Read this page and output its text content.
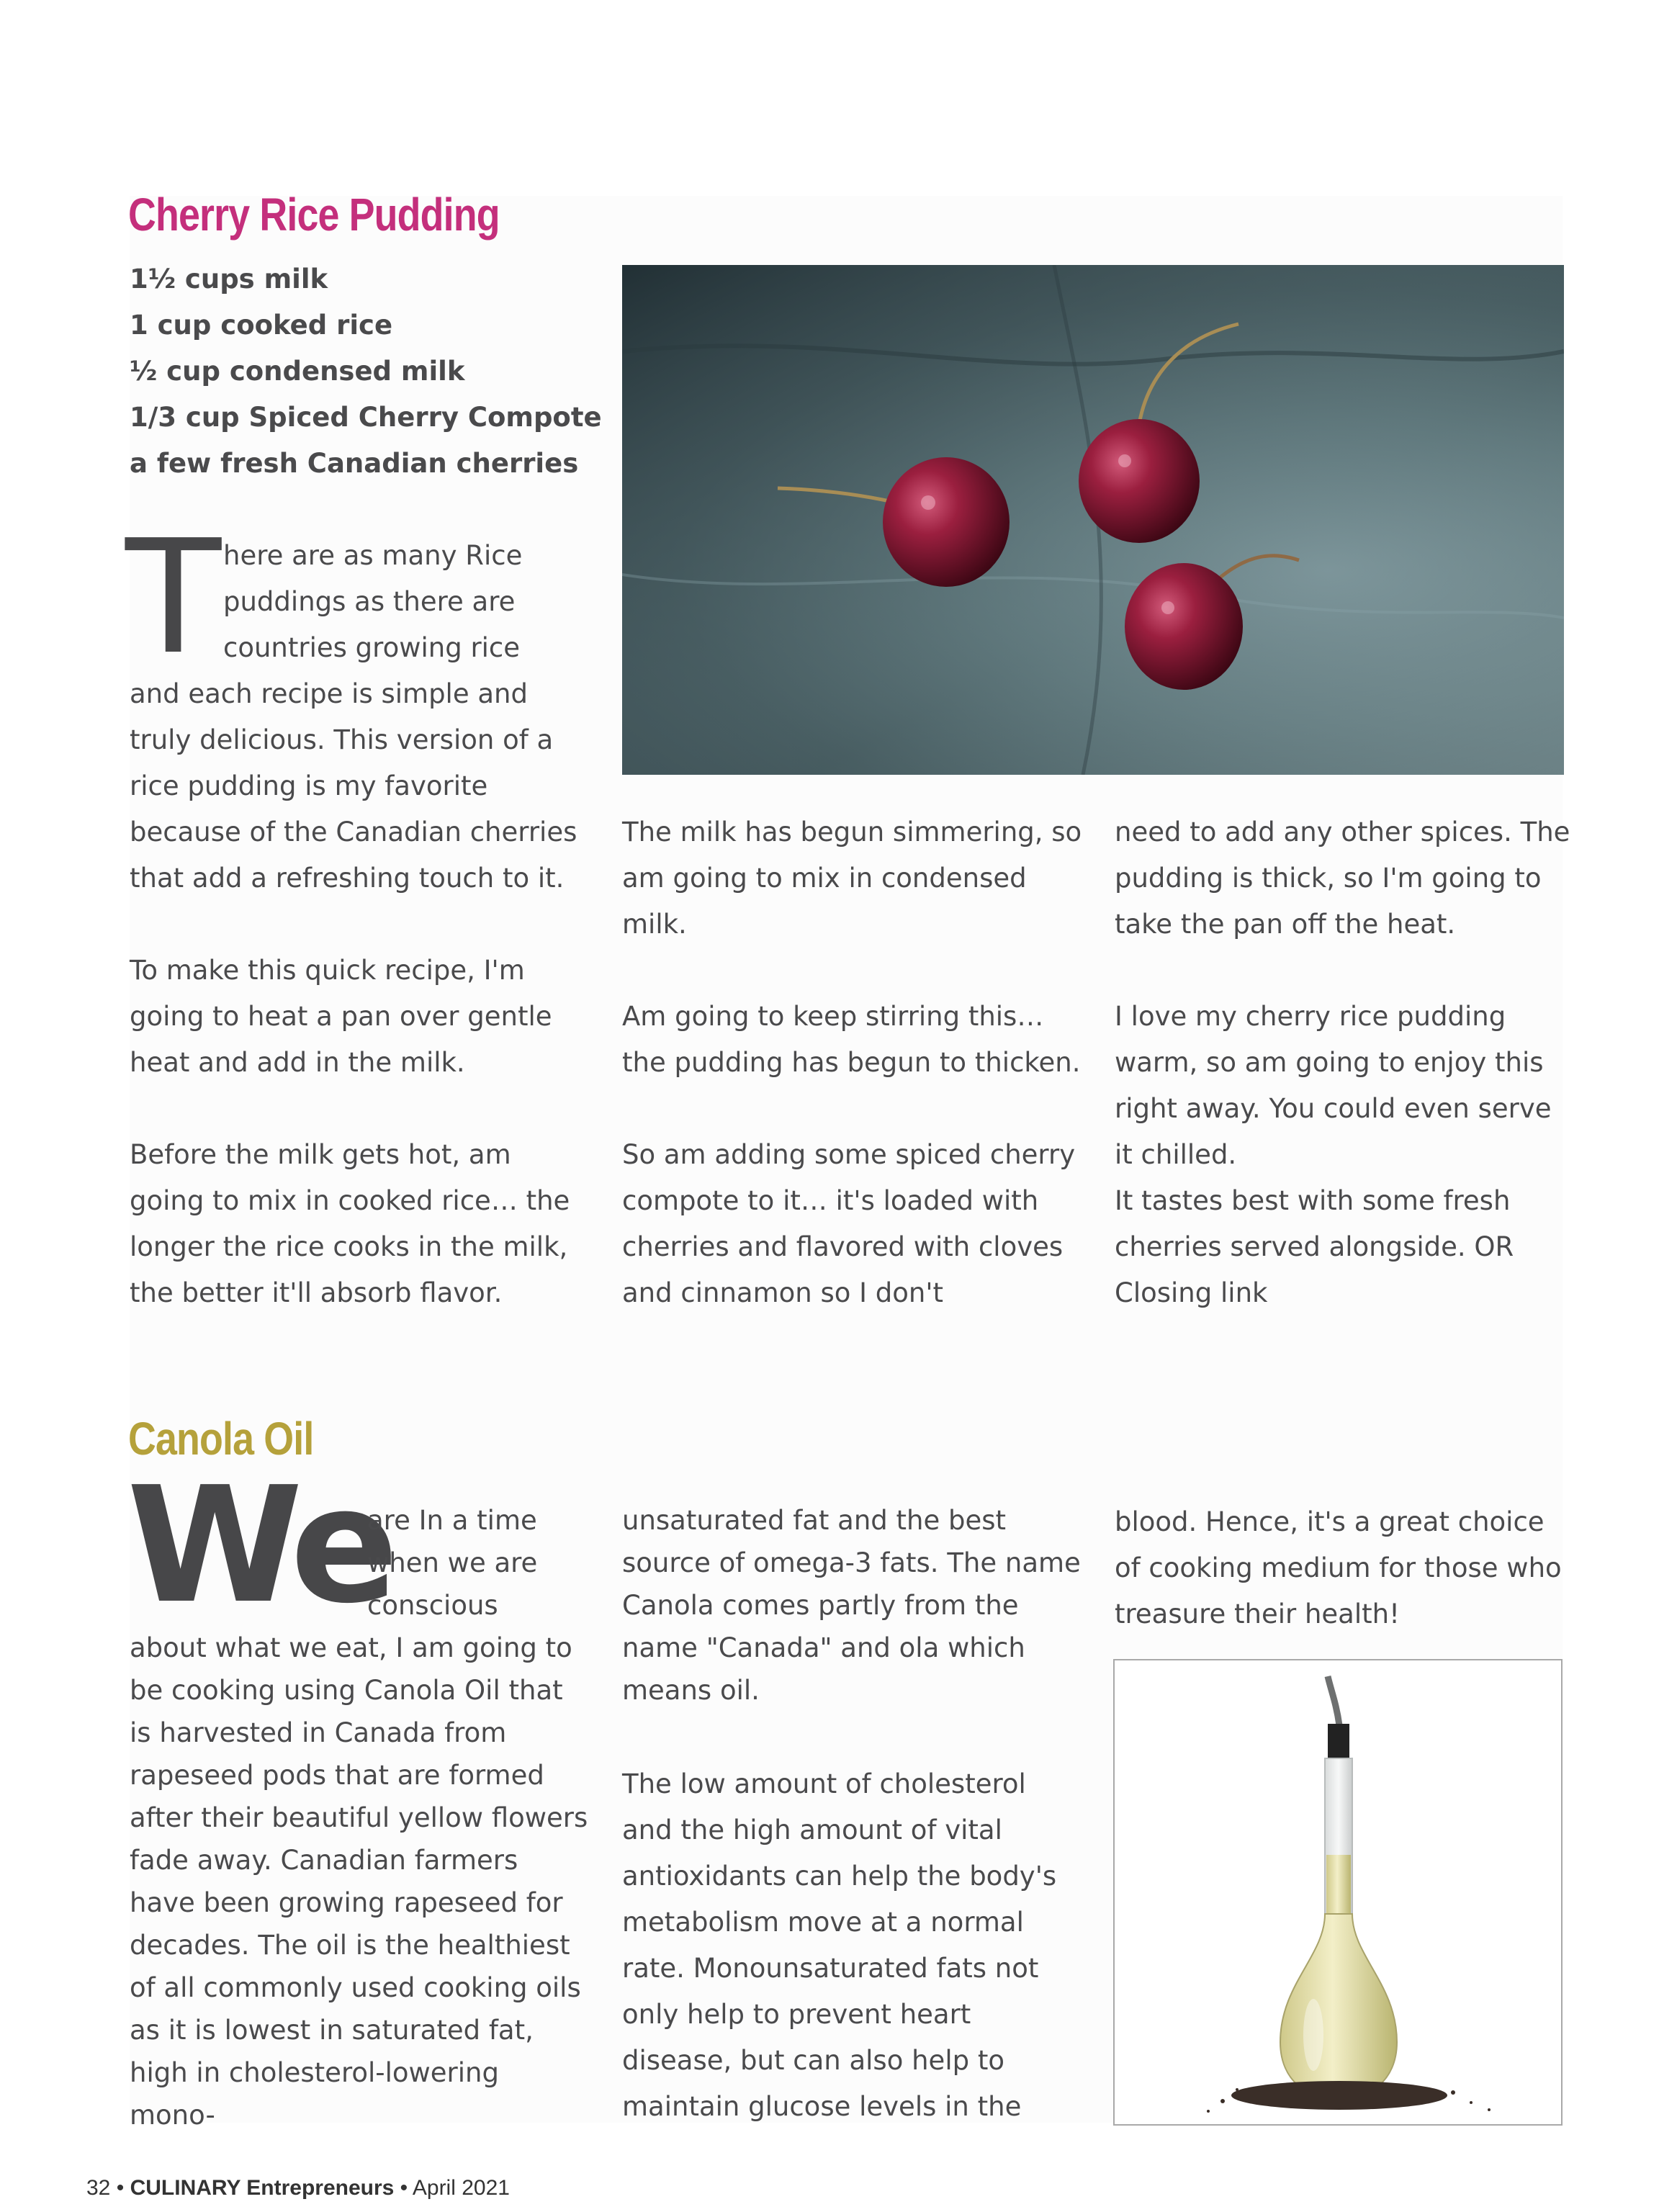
Cherry Rice Pudding
1½ cups milk
1 cup cooked rice
½ cup condensed milk
1/3 cup Spiced Cherry Compote
a few fresh Canadian cherries
T here are as many Rice
puddings as there are
countries growing rice

and each recipe is simple and truly delicious. This version of a rice pudding is my favorite because of the Canadian cherries that add a refreshing touch to it.

To make this quick recipe, I'm going to heat a pan over gentle heat and add in the milk.

Before the milk gets hot, am going to mix in cooked rice… the longer the rice cooks in the milk, the better it'll absorb flavor.

The milk has begun simmering, so am going to mix in condensed milk.

Am going to keep stirring this… the pudding has begun to thicken.

So am adding some spiced cherry compote to it… it's loaded with cherries and flavored with cloves and cinnamon so I don't

need to add any other spices. The pudding is thick, so I'm going to take the pan off the heat.

I love my cherry rice pudding warm, so am going to enjoy this right away. You could even serve it chilled.

It tastes best with some fresh cherries served alongside. OR Closing link

Canola Oil
We
are In a time
when we are
conscious

about what we eat, I am going to be cooking using Canola Oil that is harvested in Canada from rapeseed pods that are formed after their beautiful yellow flowers fade away. Canadian farmers have been growing rapeseed for decades. The oil is the healthiest of all commonly used cooking oils as it is lowest in saturated fat, high in cholesterol-lowering mono-

unsaturated fat and the best source of omega-3 fats. The name Canola comes partly from the name "Canada" and ola which means oil.

The low amount of cholesterol and the high amount of vital antioxidants can help the body's metabolism move at a normal rate. Monounsaturated fats not only help to prevent heart disease, but can also help to maintain glucose levels in the

blood. Hence, it's a great choice of cooking medium for those who treasure their health!

32 • CULINARY Entrepreneurs • April 2021
